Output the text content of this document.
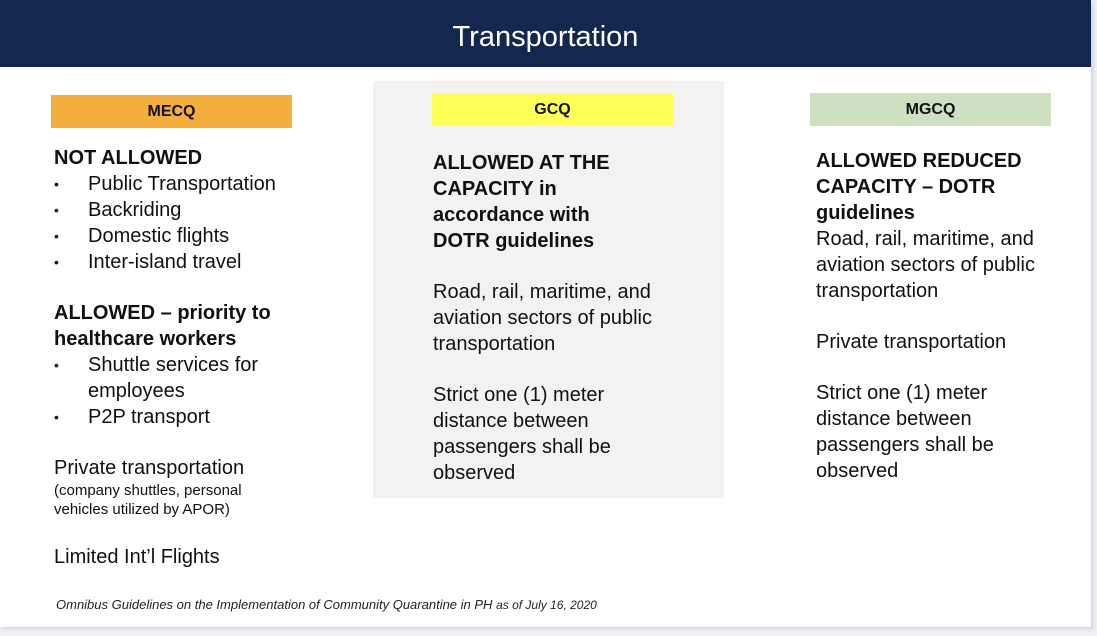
Transportation
MECQ	GCQ	MGCQ
NOT ALLOWED
• Public Transportation
• Backriding
• Domestic flights
• Inter-island travel
ALLOWED – priority to healthcare workers
• Shuttle services for employees
• P2P transport
Private transportation
(company shuttles, personal vehicles utilized by APOR)
Limited Int’l Flights
ALLOWED AT THE CAPACITY in accordance with DOTR guidelines
Road, rail, maritime, and aviation sectors of public transportation
Strict one (1) meter distance between passengers shall be observed
ALLOWED REDUCED CAPACITY – DOTR guidelines
Road, rail, maritime, and aviation sectors of public transportation
Private transportation
Strict one (1) meter distance between passengers shall be observed
Omnibus Guidelines on the Implementation of Community Quarantine in PH as of July 16, 2020
